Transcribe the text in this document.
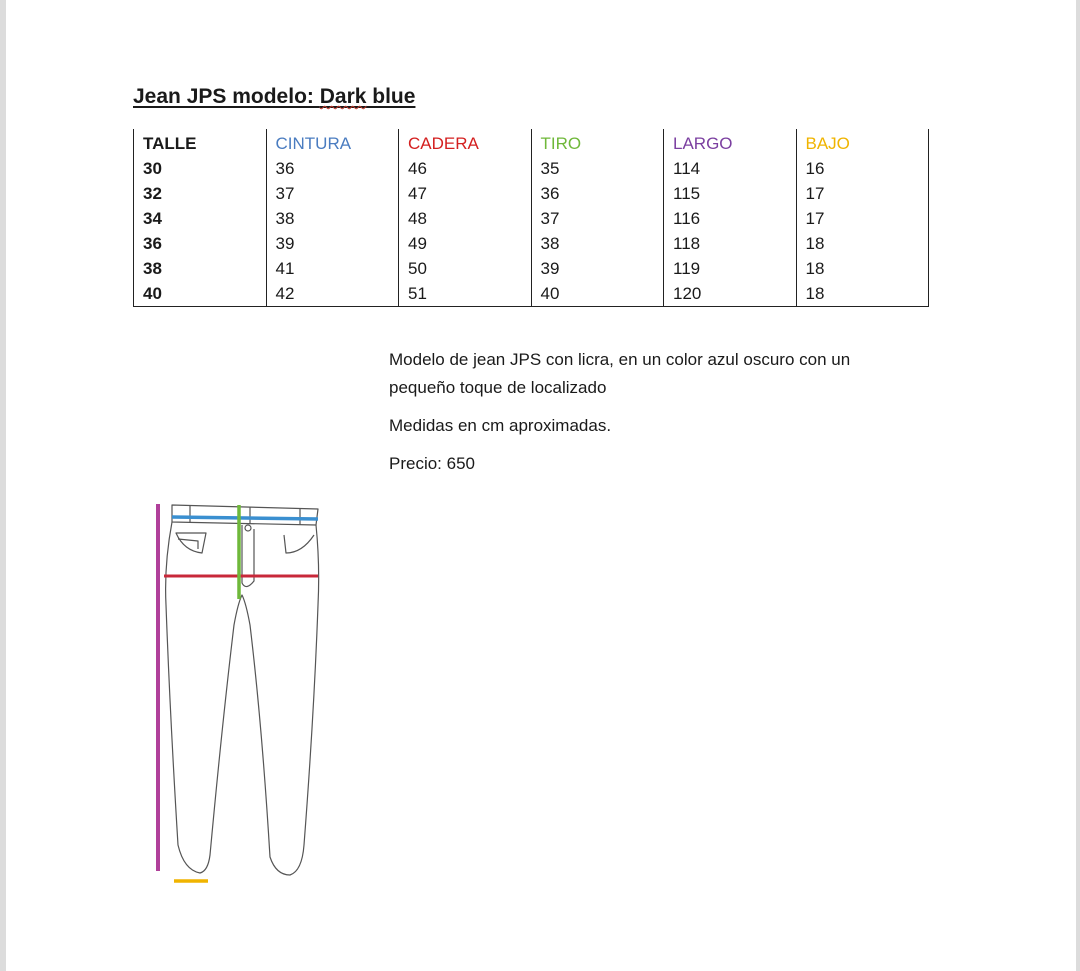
Jean JPS modelo: Dark blue
TALLE	CINTURA	CADERA	TIRO	LARGO	BAJO
30	36	46	35	114	16
32	37	47	36	115	17
34	38	48	37	116	17
36	39	49	38	118	18
38	41	50	39	119	18
40	42	51	40	120	18

Modelo de jean JPS con licra, en un color azul oscuro con un pequeño toque de localizado

Medidas en cm aproximadas.

Precio: 650
